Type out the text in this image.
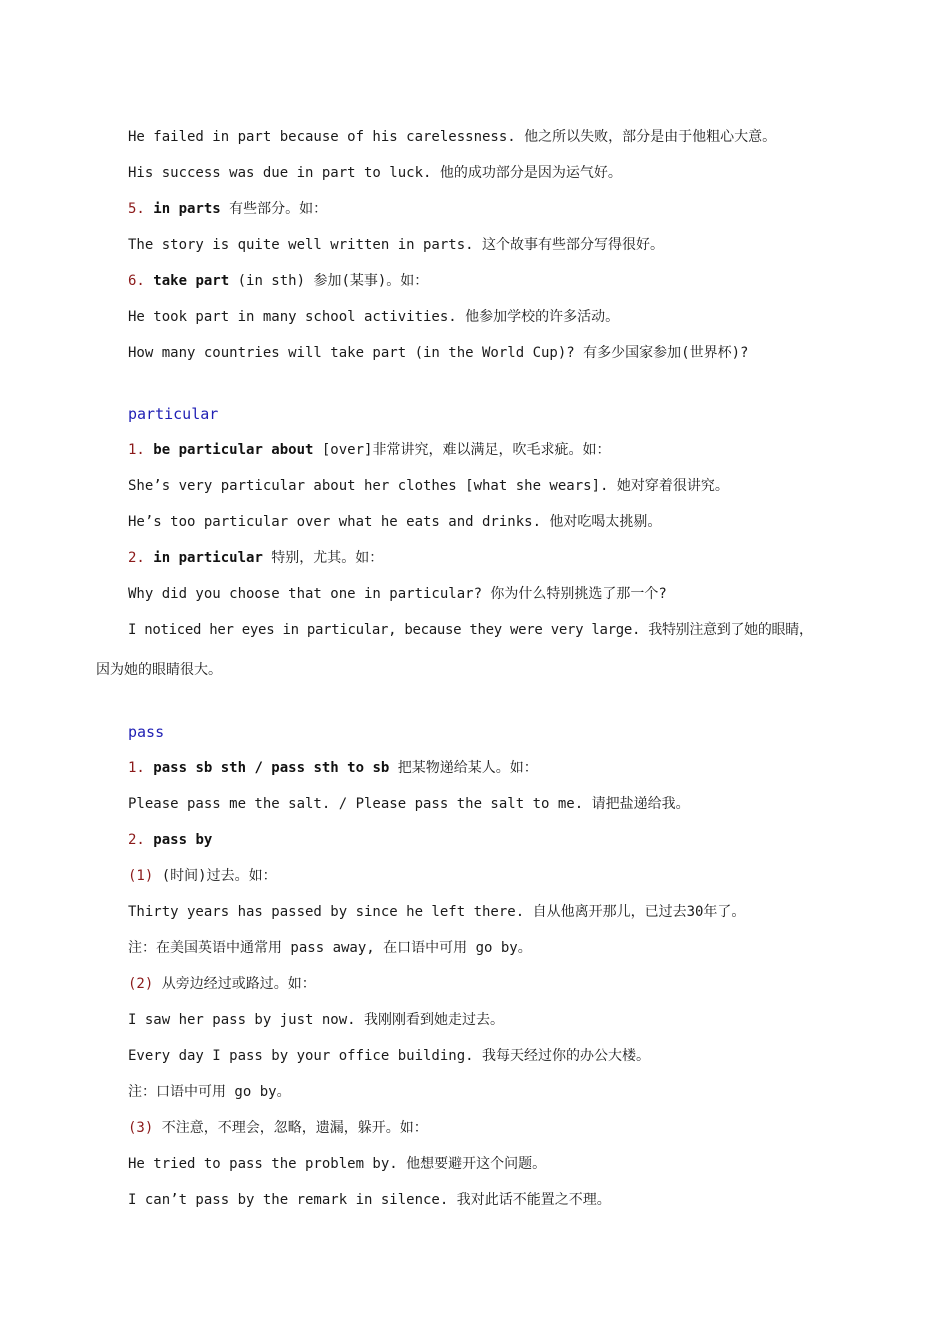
He failed in part because of his carelessness. 他之所以失败，部分是由于他粗心大意。
His success was due in part to luck. 他的成功部分是因为运气好。
5. in parts 有些部分。如：
The story is quite well written in parts. 这个故事有些部分写得很好。
6. take part (in sth) 参加(某事)。如：
He took part in many school activities. 他参加学校的许多活动。
How many countries will take part (in the World Cup)? 有多少国家参加(世界杯)?
particular
1. be particular about [over]非常讲究，难以满足，吹毛求疵。如：
She’s very particular about her clothes [what she wears]. 她对穿着很讲究。
He’s too particular over what he eats and drinks. 他对吃喝太挑剔。
2. in particular 特别，尤其。如：
Why did you choose that one in particular? 你为什么特别挑选了那一个?
I noticed her eyes in particular, because they were very large. 我特别注意到了她的眼睛，
因为她的眼睛很大。
pass
1. pass sb sth / pass sth to sb 把某物递给某人。如：
Please pass me the salt. / Please pass the salt to me. 请把盐递给我。
2. pass by
(1) (时间)过去。如：
Thirty years has passed by since he left there. 自从他离开那儿，已过去30年了。
注：在美国英语中通常用 pass away, 在口语中可用 go by。
(2) 从旁边经过或路过。如：
I saw her pass by just now. 我刚刚看到她走过去。
Every day I pass by your office building. 我每天经过你的办公大楼。
注：口语中可用 go by。
(3) 不注意，不理会，忽略，遗漏，躲开。如：
He tried to pass the problem by. 他想要避开这个问题。
I can’t pass by the remark in silence. 我对此话不能置之不理。
